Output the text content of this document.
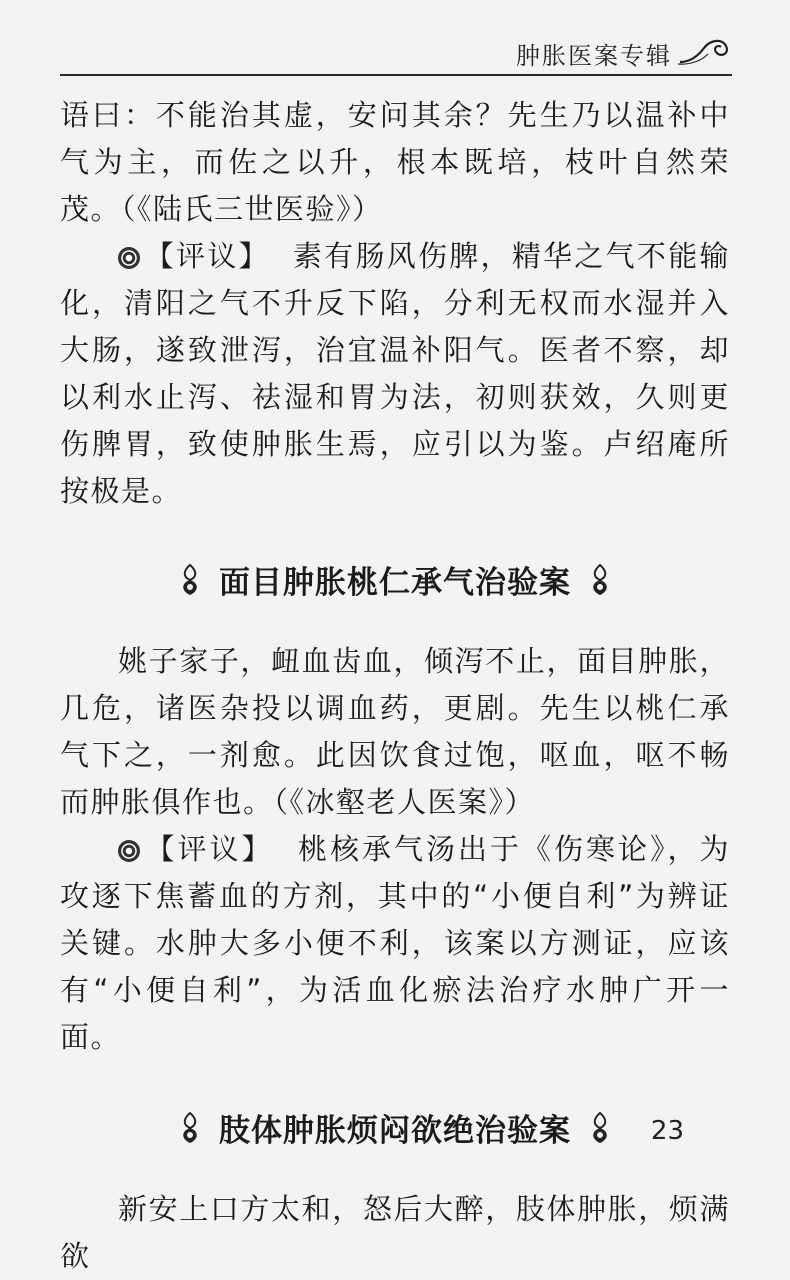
肿胀医案专辑

语曰：不能治其虚，安问其余？先生乃以温补中气为主，而佐之以升，根本既培，枝叶自然荣茂。（《陆氏三世医验》）

【评议】 素有肠风伤脾，精华之气不能输化，清阳之气不升反下陷，分利无权而水湿并入大肠，遂致泄泻，治宜温补阳气。医者不察，却以利水止泻、祛湿和胃为法，初则获效，久则更伤脾胃，致使肿胀生焉，应引以为鉴。卢绍庵所按极是。

面目肿胀桃仁承气治验案

姚子家子，衄血齿血，倾泻不止，面目肿胀，几危，诸医杂投以调血药，更剧。先生以桃仁承气下之，一剂愈。此因饮食过饱，呕血，呕不畅而肿胀俱作也。（《冰壑老人医案》）

【评议】 桃核承气汤出于《伤寒论》，为攻逐下焦蓄血的方剂，其中的“小便自利”为辨证关键。水肿大多小便不利，该案以方测证，应该有“小便自利”，为活血化瘀法治疗水肿广开一面。

肢体肿胀烦闷欲绝治验案

新安上口方太和，怒后大醉，肢体肿胀，烦满欲

23
